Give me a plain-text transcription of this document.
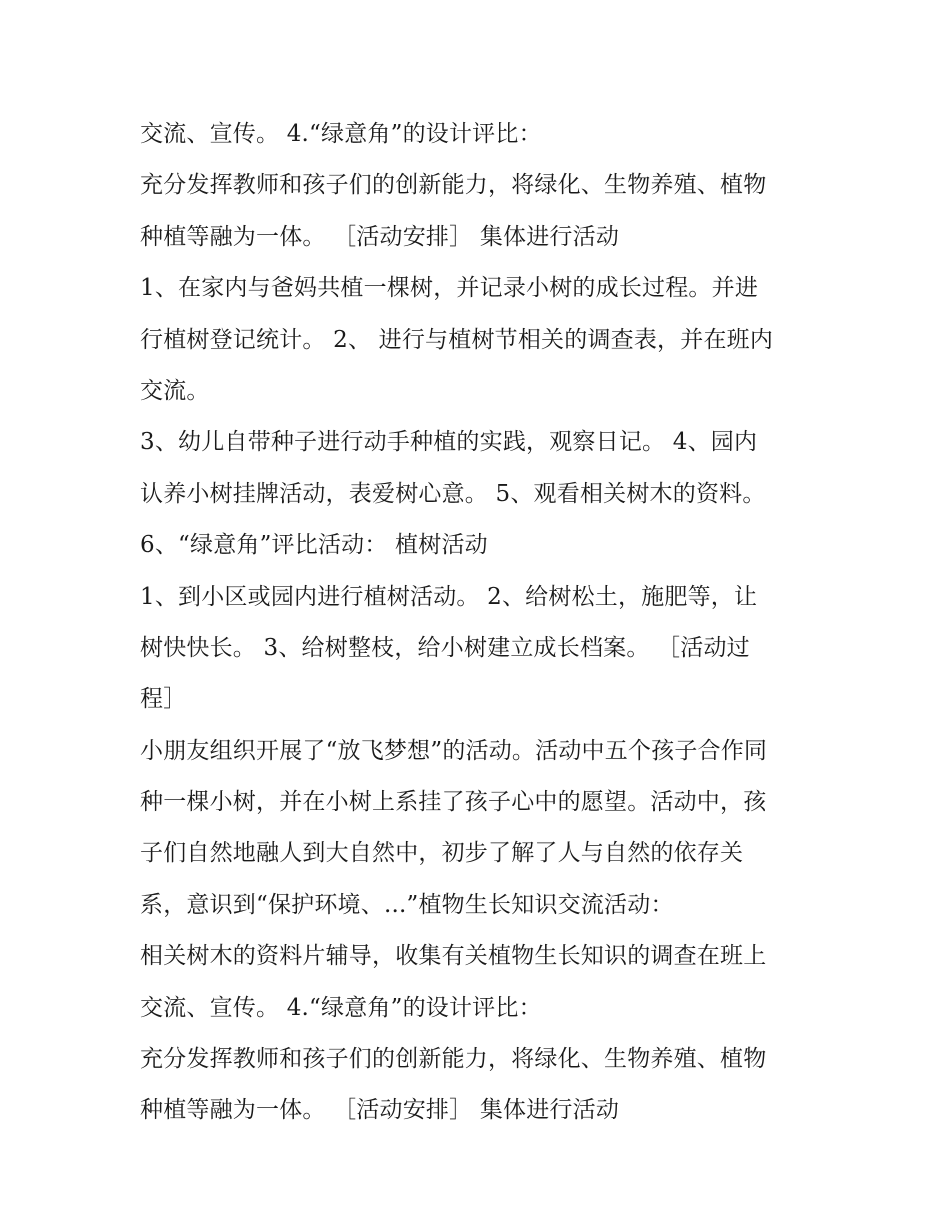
交流、宣传。 4.“绿意角”的设计评比：
充分发挥教师和孩子们的创新能力，将绿化、生物养殖、植物
种植等融为一体。 ［活动安排］ 集体进行活动
1、在家内与爸妈共植一棵树，并记录小树的成长过程。并进
行植树登记统计。 2、 进行与植树节相关的调查表，并在班内
交流。
3、幼儿自带种子进行动手种植的实践，观察日记。 4、园内
认养小树挂牌活动，表爱树心意。 5、观看相关树木的资料。
6、“绿意角”评比活动： 植树活动
1、到小区或园内进行植树活动。 2、给树松土，施肥等，让
树快快长。 3、给树整枝，给小树建立成长档案。 ［活动过
程］
小朋友组织开展了“放飞梦想”的活动。活动中五个孩子合作同
种一棵小树，并在小树上系挂了孩子心中的愿望。活动中，孩
子们自然地融人到大自然中，初步了解了人与自然的依存关
系，意识到“保护环境、...”植物生长知识交流活动：
相关树木的资料片辅导，收集有关植物生长知识的调查在班上
交流、宣传。 4.“绿意角”的设计评比：
充分发挥教师和孩子们的创新能力，将绿化、生物养殖、植物
种植等融为一体。 ［活动安排］ 集体进行活动
